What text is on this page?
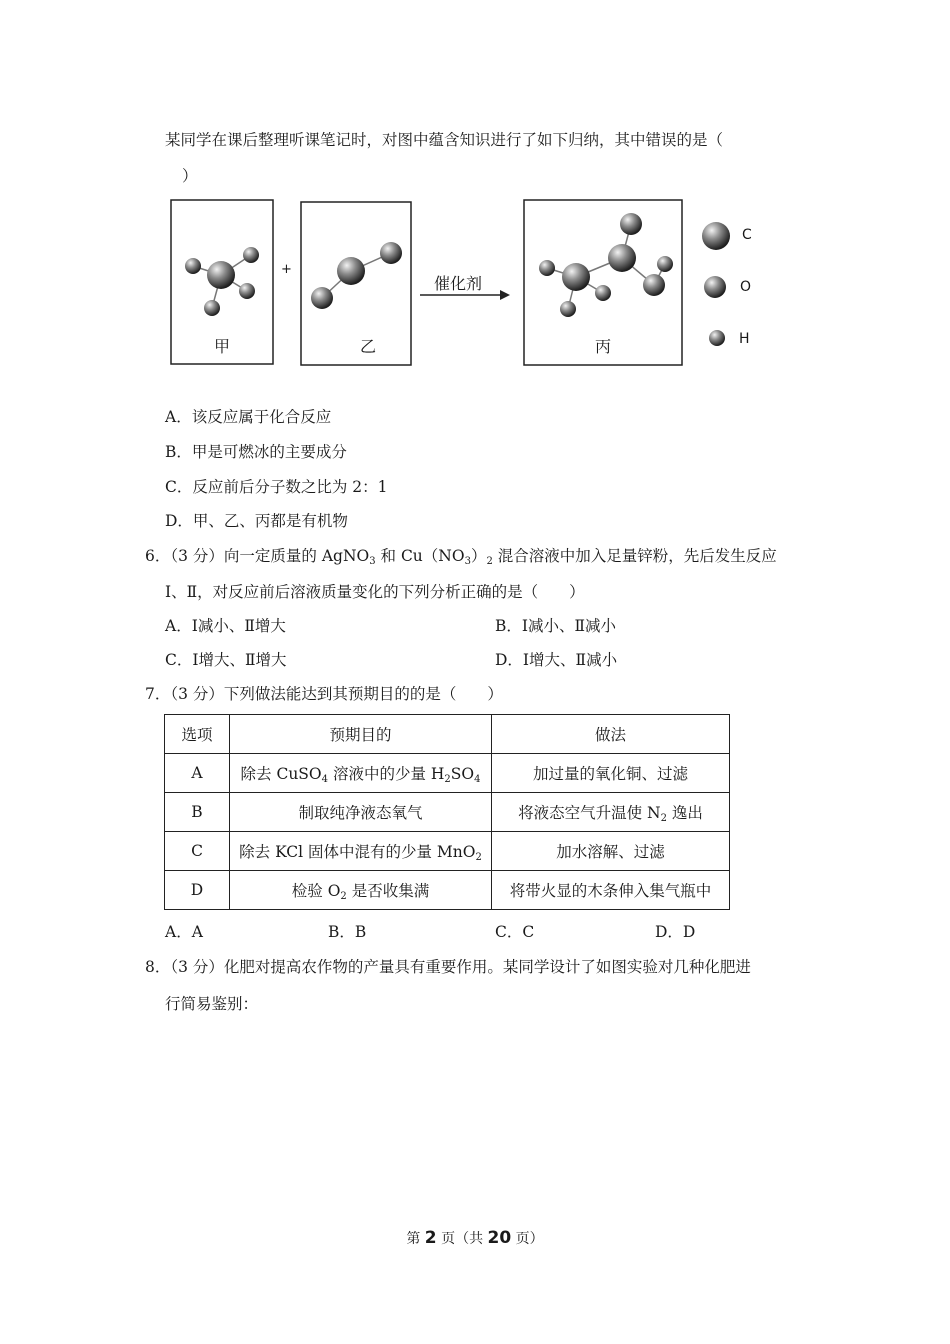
某同学在课后整理听课笔记时，对图中蕴含知识进行了如下归纳，其中错误的是（
）
甲	乙	丙
+
催化剂
C
O
H
A．该反应属于化合反应
B．甲是可燃冰的主要成分
C．反应前后分子数之比为 2：1
D．甲、乙、丙都是有机物
6．（3 分）向一定质量的 AgNO$_3$ 和 $Cu(NO_3)_2$ 混合溶液中加入足量锌粉，先后发生反应
Ⅰ、Ⅱ，对反应前后溶液质量变化的下列分析正确的是（　　）
A．Ⅰ减小、Ⅱ增大	B．Ⅰ减小、Ⅱ减小
C．Ⅰ增大、Ⅱ增大	D．Ⅰ增大、Ⅱ减小
7．（3 分）下列做法能达到其预期目的的是（　　）
选项	预期目的	做法
A	除去 CuSO$_4$ 溶液中的少量 $H_2SO_4$	加过量的氧化铜、过滤
B	制取纯净液态氧气	将液态空气升温使 $N_2$ 逸出
C	除去 KCl 固体中混有的少量 MnO$_2$	加水溶解、过滤
D	检验 $O_2$ 是否收集满	将带火显的木条伸入集气瓶中
A．A	B．B	C．C	D．D
8．（3 分）化肥对提高农作物的产量具有重要作用。某同学设计了如图实验对几种化肥进
行简易鉴别：
第 2 页（共 20 页）
